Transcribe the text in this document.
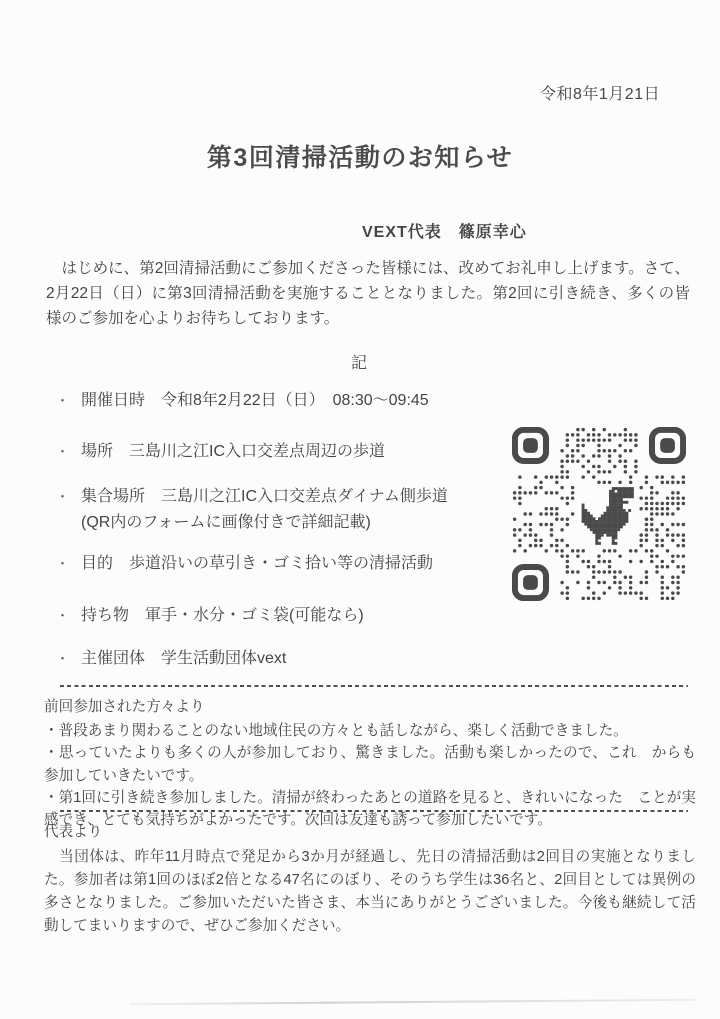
令和8年1月21日
第3回清掃活動のお知らせ
VEXT代表　篠原幸心

　はじめに、第2回清掃活動にご参加くださった皆様には、改めてお礼申し上げます。さて、2月22日（日）に第3回清掃活動を実施することとなりました。第2回に引き続き、多くの皆様のご参加を心よりお待ちしております。

記
・ 開催日時　令和8年2月22日（日）　08:30～09:45
・ 場所　三島川之江IC入口交差点周辺の歩道
・ 集合場所　三島川之江IC入口交差点ダイナム側歩道
(QR内のフォームに画像付きで詳細記載)
・ 目的　歩道沿いの草引き・ゴミ拾い等の清掃活動
・ 持ち物　軍手・水分・ゴミ袋(可能なら)
・ 主催団体　学生活動団体vext

前回参加された方々より

・普段あまり関わることのない地域住民の方々とも話しながら、楽しく活動できました。

・思っていたよりも多くの人が参加しており、驚きました。活動も楽しかったので、これ　からも参加していきたいです。

・第1回に引き続き参加しました。清掃が終わったあとの道路を見ると、きれいになった　ことが実感でき、とても気持ちがよかったです。次回は友達も誘って参加したいです。

代表より

　当団体は、昨年11月時点で発足から3か月が経過し、先日の清掃活動は2回目の実施となりました。参加者は第1回のほぼ2倍となる47名にのぼり、そのうち学生は36名と、2回目としては異例の多さとなりました。ご参加いただいた皆さま、本当にありがとうございました。今後も継続して活動してまいりますので、ぜひご参加ください。
